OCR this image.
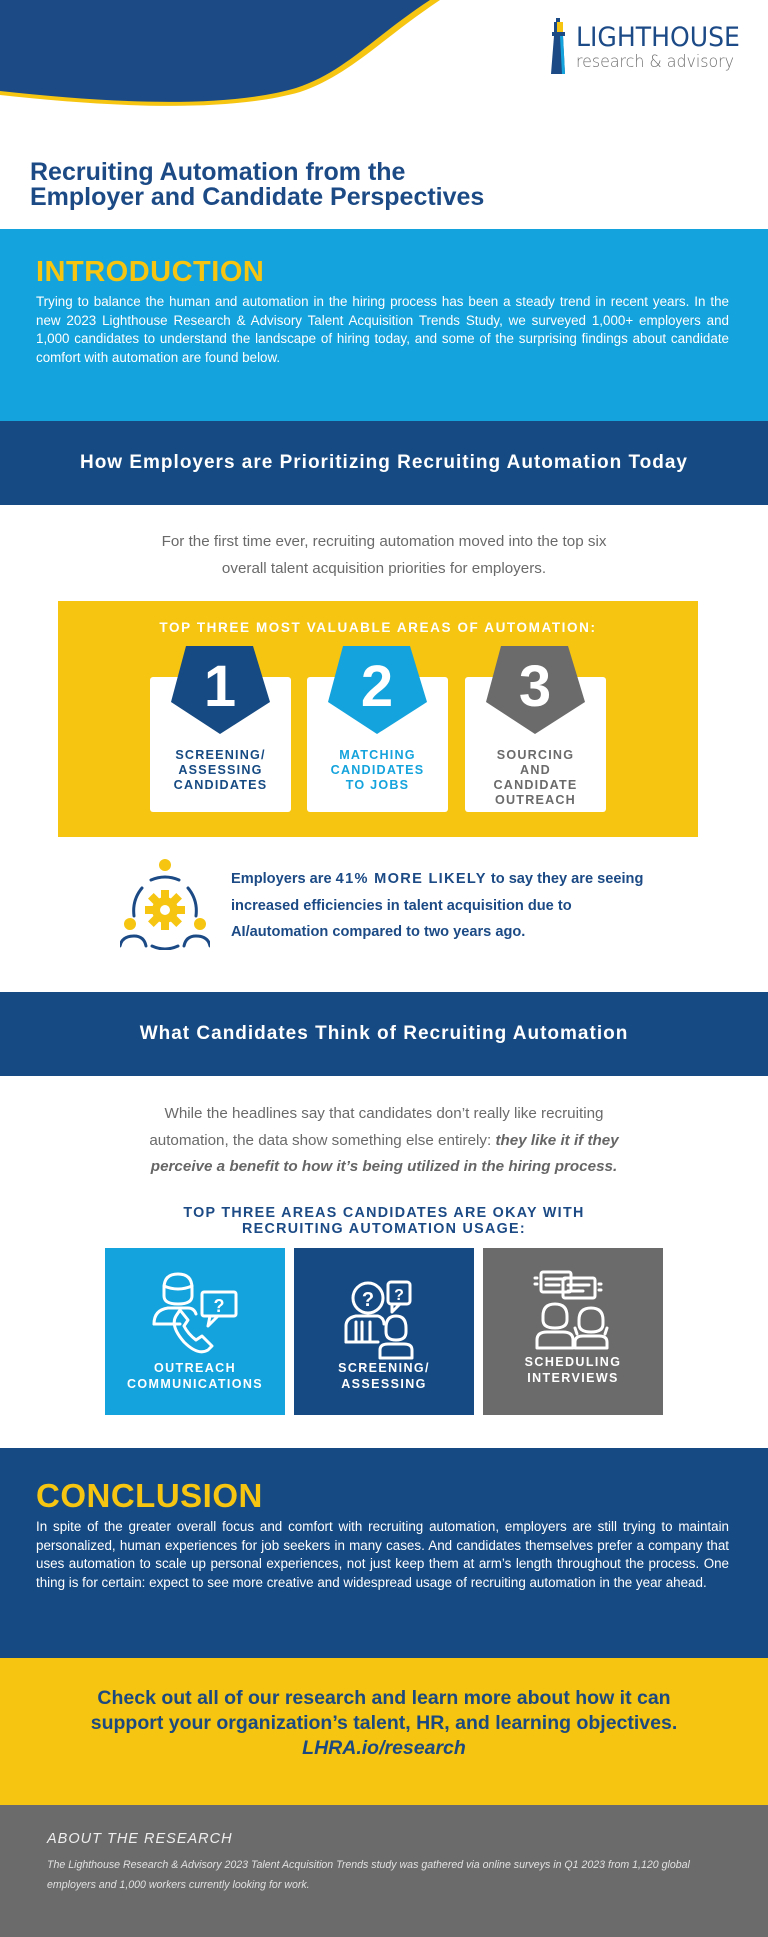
LIGHTHOUSE
research & advisory
Recruiting Automation from the
Employer and Candidate Perspectives
INTRODUCTION

Trying to balance the human and automation in the hiring process has been a steady trend in recent years. In the new 2023 Lighthouse Research & Advisory Talent Acquisition Trends Study, we surveyed 1,000+ employers and 1,000 candidates to understand the landscape of hiring today, and some of the surprising findings about candidate comfort with automation are found below.

How Employers are Prioritizing Recruiting Automation Today
For the first time ever, recruiting automation moved into the top six
overall talent acquisition priorities for employers.
TOP THREE MOST VALUABLE AREAS OF AUTOMATION:
SCREENING/
ASSESSING
CANDIDATES
1
MATCHING
CANDIDATES
TO JOBS
2
SOURCING
AND
CANDIDATE
OUTREACH
3
Employers are 41% MORE LIKELY to say they are seeing increased efficiencies in talent acquisition due to AI/automation compared to two years ago.
What Candidates Think of Recruiting Automation
While the headlines say that candidates don’t really like recruiting
automation, the data show something else entirely: they like it if they
perceive a benefit to how it’s being utilized in the hiring process.
TOP THREE AREAS CANDIDATES ARE OKAY WITH
RECRUITING AUTOMATION USAGE:
?
OUTREACH
COMMUNICATIONS
? ?
SCREENING/
ASSESSING
SCHEDULING
INTERVIEWS
CONCLUSION

In spite of the greater overall focus and comfort with recruiting automation, employers are still trying to maintain personalized, human experiences for job seekers in many cases. And candidates themselves prefer a company that uses automation to scale up personal experiences, not just keep them at arm’s length throughout the process. One thing is for certain: expect to see more creative and widespread usage of recruiting automation in the year ahead.

Check out all of our research and learn more about how it can
support your organization’s talent, HR, and learning objectives.
LHRA.io/research

ABOUT THE RESEARCH

The Lighthouse Research & Advisory 2023 Talent Acquisition Trends study was gathered via online surveys in Q1 2023 from 1,120 global employers and 1,000 workers currently looking for work.
